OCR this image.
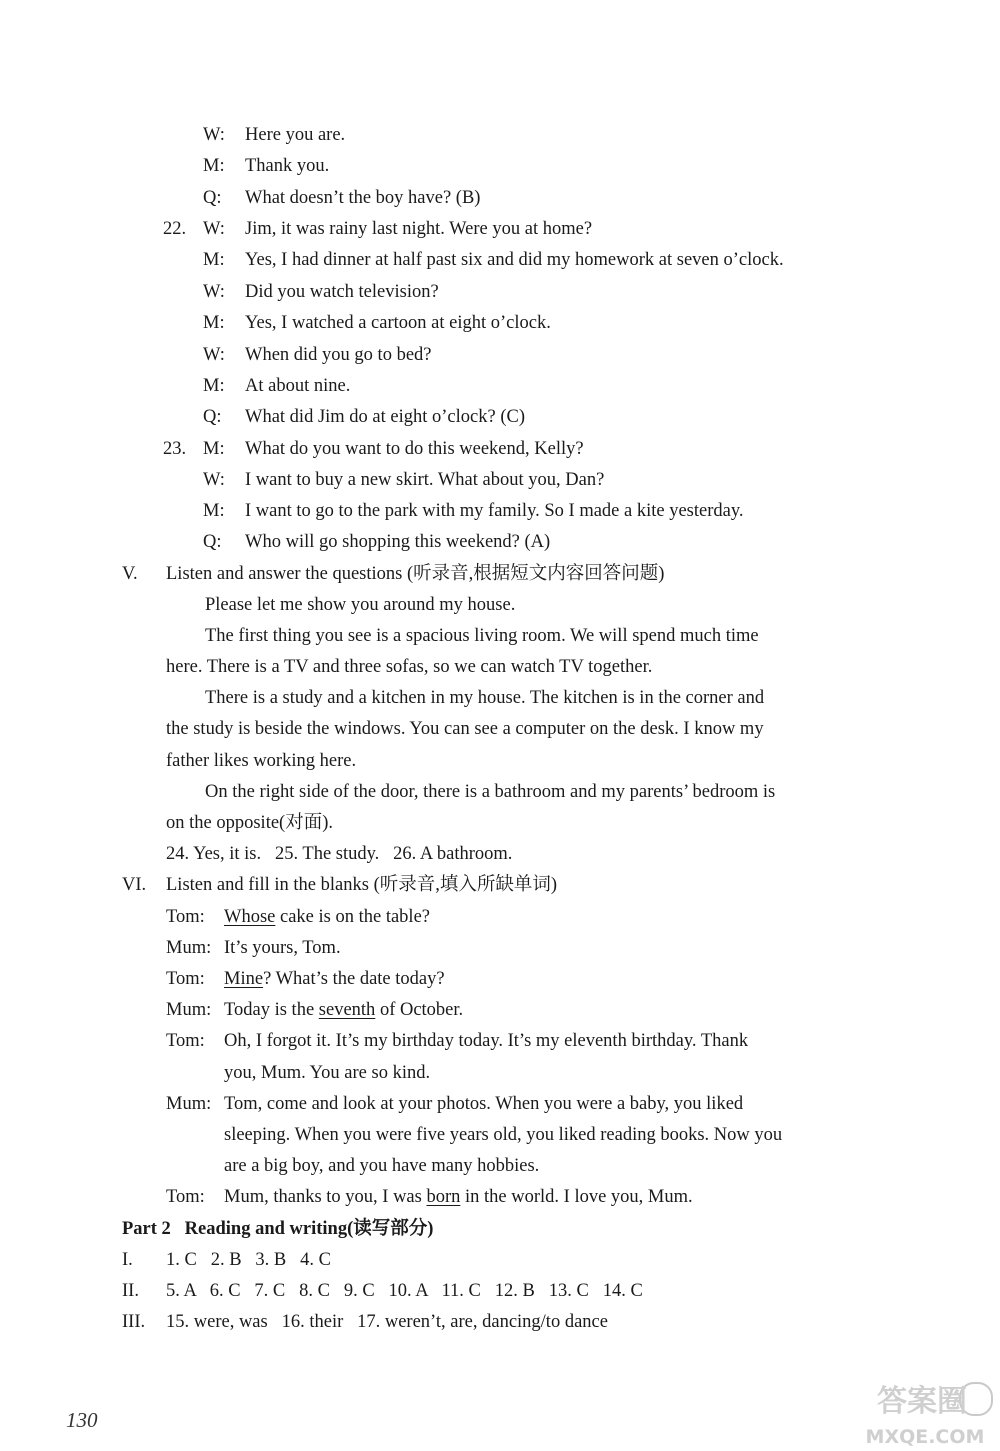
W: Here you are.
M: Thank you.
Q: What doesn’t the boy have? (B)
22. W: Jim, it was rainy last night. Were you at home?
M: Yes, I had dinner at half past six and did my homework at seven o’clock.
W: Did you watch television?
M: Yes, I watched a cartoon at eight o’clock.
W: When did you go to bed?
M: At about nine.
Q: What did Jim do at eight o’clock? (C)
23. M: What do you want to do this weekend, Kelly?
W: I want to buy a new skirt. What about you, Dan?
M: I want to go to the park with my family. So I made a kite yesterday.
Q: Who will go shopping this weekend? (A)
V. Listen and answer the questions (听录音,根据短文内容回答问题)
Please let me show you around my house.
The first thing you see is a spacious living room. We will spend much time
here. There is a TV and three sofas, so we can watch TV together.
There is a study and a kitchen in my house. The kitchen is in the corner and
the study is beside the windows. You can see a computer on the desk. I know my
father likes working here.
On the right side of the door, there is a bathroom and my parents’ bedroom is
on the opposite(对面).
24. Yes, it is.   25. The study.   26. A bathroom.
VI. Listen and fill in the blanks (听录音,填入所缺单词)
Tom: Whose cake is on the table?
Mum: It’s yours, Tom.
Tom: Mine? What’s the date today?
Mum: Today is the seventh of October.
Tom: Oh, I forgot it. It’s my birthday today. It’s my eleventh birthday. Thank
you, Mum. You are so kind.
Mum: Tom, come and look at your photos. When you were a baby, you liked
sleeping. When you were five years old, you liked reading books. Now you
are a big boy, and you have many hobbies.
Tom: Mum, thanks to you, I was born in the world. I love you, Mum.
Part 2   Reading and writing(读写部分)
I. 1. C   2. B   3. B   4. C
II. 5. A   6. C   7. C   8. C   9. C   10. A   11. C   12. B   13. C   14. C
III. 15. were, was   16. their   17. weren’t, are, dancing/to dance
130
答案圈
MXQE.COM
